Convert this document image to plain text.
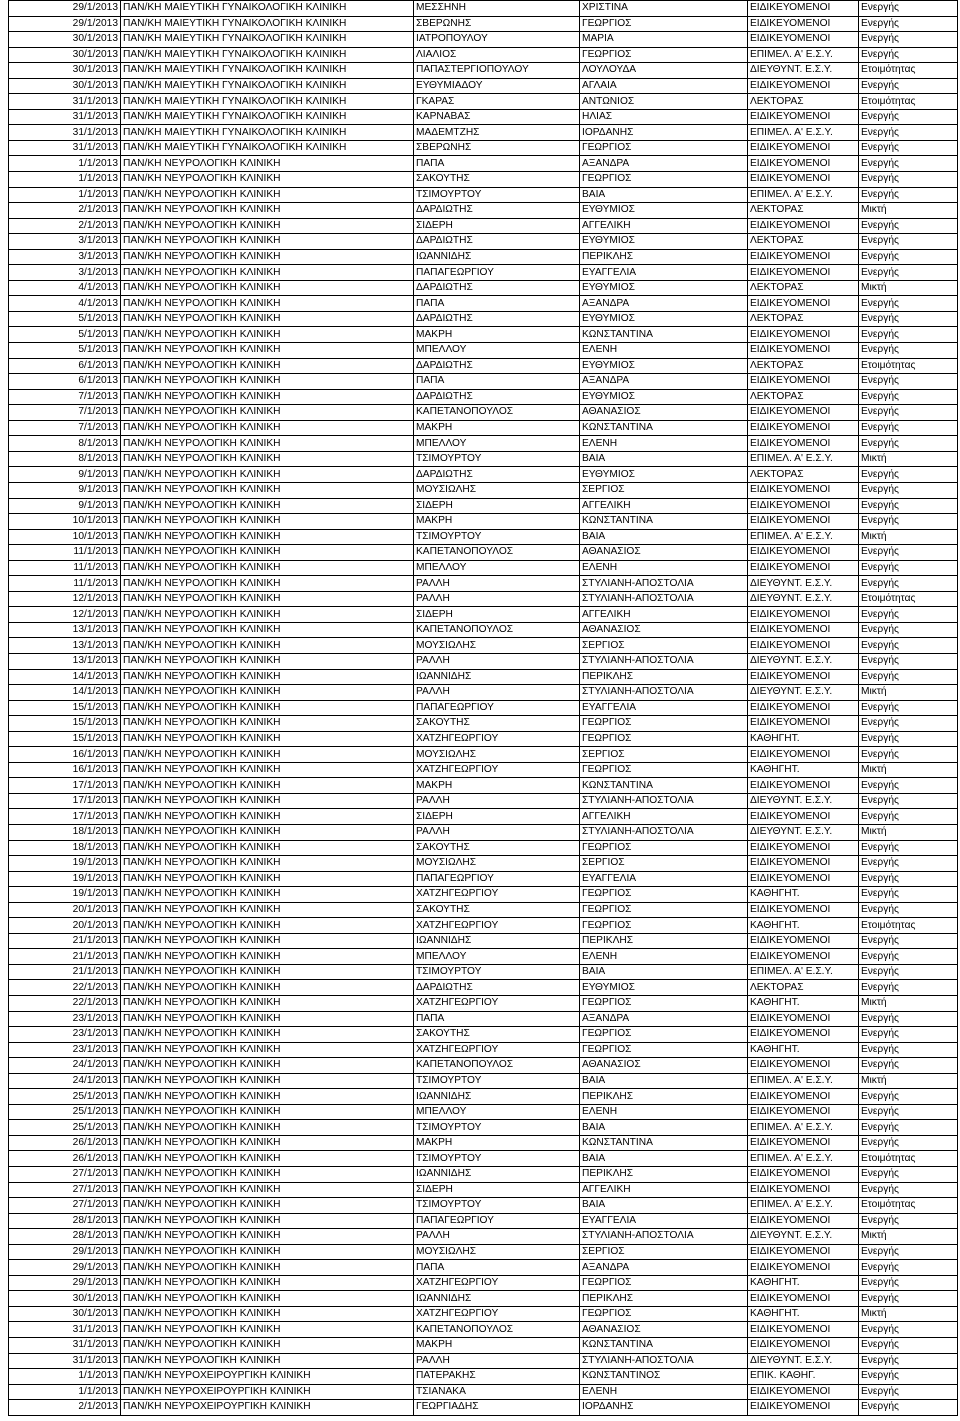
29/1/2013	ΠΑΝ/ΚΗ ΜΑΙΕΥΤΙΚΗ ΓΥΝΑΙΚΟΛΟΓΙΚΗ ΚΛΙΝΙΚΗ	ΜΕΣΣΗΝΗ	ΧΡΙΣΤΙΝΑ	ΕΙΔΙΚΕΥΟΜΕΝΟΙ	Ενεργής
29/1/2013	ΠΑΝ/ΚΗ ΜΑΙΕΥΤΙΚΗ ΓΥΝΑΙΚΟΛΟΓΙΚΗ ΚΛΙΝΙΚΗ	ΣΒΕΡΩΝΗΣ	ΓΕΩΡΓΙΟΣ	ΕΙΔΙΚΕΥΟΜΕΝΟΙ	Ενεργής
30/1/2013	ΠΑΝ/ΚΗ ΜΑΙΕΥΤΙΚΗ ΓΥΝΑΙΚΟΛΟΓΙΚΗ ΚΛΙΝΙΚΗ	ΙΑΤΡΟΠΟΥΛΟΥ	ΜΑΡΙΑ	ΕΙΔΙΚΕΥΟΜΕΝΟΙ	Ενεργής
30/1/2013	ΠΑΝ/ΚΗ ΜΑΙΕΥΤΙΚΗ ΓΥΝΑΙΚΟΛΟΓΙΚΗ ΚΛΙΝΙΚΗ	ΛΙΑΛΙΟΣ	ΓΕΩΡΓΙΟΣ	ΕΠΙΜΕΛ. Α' Ε.Σ.Υ.	Ενεργής
30/1/2013	ΠΑΝ/ΚΗ ΜΑΙΕΥΤΙΚΗ ΓΥΝΑΙΚΟΛΟΓΙΚΗ ΚΛΙΝΙΚΗ	ΠΑΠΑΣΤΕΡΓΙΟΠΟΥΛΟΥ	ΛΟΥΛΟΥΔΑ	ΔΙΕΥΘΥΝΤ. Ε.Σ.Υ.	Ετοιμότητας
30/1/2013	ΠΑΝ/ΚΗ ΜΑΙΕΥΤΙΚΗ ΓΥΝΑΙΚΟΛΟΓΙΚΗ ΚΛΙΝΙΚΗ	ΕΥΘΥΜΙΑΔΟΥ	ΑΓΛΑΙΑ	ΕΙΔΙΚΕΥΟΜΕΝΟΙ	Ενεργής
31/1/2013	ΠΑΝ/ΚΗ ΜΑΙΕΥΤΙΚΗ ΓΥΝΑΙΚΟΛΟΓΙΚΗ ΚΛΙΝΙΚΗ	ΓΚΑΡΑΣ	ΑΝΤΩΝΙΟΣ	ΛΕΚΤΟΡΑΣ	Ετοιμότητας
31/1/2013	ΠΑΝ/ΚΗ ΜΑΙΕΥΤΙΚΗ ΓΥΝΑΙΚΟΛΟΓΙΚΗ ΚΛΙΝΙΚΗ	ΚΑΡΝΑΒΑΣ	ΗΛΙΑΣ	ΕΙΔΙΚΕΥΟΜΕΝΟΙ	Ενεργής
31/1/2013	ΠΑΝ/ΚΗ ΜΑΙΕΥΤΙΚΗ ΓΥΝΑΙΚΟΛΟΓΙΚΗ ΚΛΙΝΙΚΗ	ΜΑΔΕΜΤΖΗΣ	ΙΟΡΔΑΝΗΣ	ΕΠΙΜΕΛ. Α' Ε.Σ.Υ.	Ενεργής
31/1/2013	ΠΑΝ/ΚΗ ΜΑΙΕΥΤΙΚΗ ΓΥΝΑΙΚΟΛΟΓΙΚΗ ΚΛΙΝΙΚΗ	ΣΒΕΡΩΝΗΣ	ΓΕΩΡΓΙΟΣ	ΕΙΔΙΚΕΥΟΜΕΝΟΙ	Ενεργής
1/1/2013	ΠΑΝ/ΚΗ ΝΕΥΡΟΛΟΓΙΚΗ ΚΛΙΝΙΚΗ	ΠΑΠΑ	ΑΞΑΝΔΡΑ	ΕΙΔΙΚΕΥΟΜΕΝΟΙ	Ενεργής
1/1/2013	ΠΑΝ/ΚΗ ΝΕΥΡΟΛΟΓΙΚΗ ΚΛΙΝΙΚΗ	ΣΑΚΟΥΤΗΣ	ΓΕΩΡΓΙΟΣ	ΕΙΔΙΚΕΥΟΜΕΝΟΙ	Ενεργής
1/1/2013	ΠΑΝ/ΚΗ ΝΕΥΡΟΛΟΓΙΚΗ ΚΛΙΝΙΚΗ	ΤΣΙΜΟΥΡΤΟΥ	ΒΑΙΑ	ΕΠΙΜΕΛ. Α' Ε.Σ.Υ.	Ενεργής
2/1/2013	ΠΑΝ/ΚΗ ΝΕΥΡΟΛΟΓΙΚΗ ΚΛΙΝΙΚΗ	ΔΑΡΔΙΩΤΗΣ	ΕΥΘΥΜΙΟΣ	ΛΕΚΤΟΡΑΣ	Μικτή
2/1/2013	ΠΑΝ/ΚΗ ΝΕΥΡΟΛΟΓΙΚΗ ΚΛΙΝΙΚΗ	ΣΙΔΕΡΗ	ΑΓΓΕΛΙΚΗ	ΕΙΔΙΚΕΥΟΜΕΝΟΙ	Ενεργής
3/1/2013	ΠΑΝ/ΚΗ ΝΕΥΡΟΛΟΓΙΚΗ ΚΛΙΝΙΚΗ	ΔΑΡΔΙΩΤΗΣ	ΕΥΘΥΜΙΟΣ	ΛΕΚΤΟΡΑΣ	Ενεργής
3/1/2013	ΠΑΝ/ΚΗ ΝΕΥΡΟΛΟΓΙΚΗ ΚΛΙΝΙΚΗ	ΙΩΑΝΝΙΔΗΣ	ΠΕΡΙΚΛΗΣ	ΕΙΔΙΚΕΥΟΜΕΝΟΙ	Ενεργής
3/1/2013	ΠΑΝ/ΚΗ ΝΕΥΡΟΛΟΓΙΚΗ ΚΛΙΝΙΚΗ	ΠΑΠΑΓΕΩΡΓΙΟΥ	ΕΥΑΓΓΕΛΙΑ	ΕΙΔΙΚΕΥΟΜΕΝΟΙ	Ενεργής
4/1/2013	ΠΑΝ/ΚΗ ΝΕΥΡΟΛΟΓΙΚΗ ΚΛΙΝΙΚΗ	ΔΑΡΔΙΩΤΗΣ	ΕΥΘΥΜΙΟΣ	ΛΕΚΤΟΡΑΣ	Μικτή
4/1/2013	ΠΑΝ/ΚΗ ΝΕΥΡΟΛΟΓΙΚΗ ΚΛΙΝΙΚΗ	ΠΑΠΑ	ΑΞΑΝΔΡΑ	ΕΙΔΙΚΕΥΟΜΕΝΟΙ	Ενεργής
5/1/2013	ΠΑΝ/ΚΗ ΝΕΥΡΟΛΟΓΙΚΗ ΚΛΙΝΙΚΗ	ΔΑΡΔΙΩΤΗΣ	ΕΥΘΥΜΙΟΣ	ΛΕΚΤΟΡΑΣ	Ενεργής
5/1/2013	ΠΑΝ/ΚΗ ΝΕΥΡΟΛΟΓΙΚΗ ΚΛΙΝΙΚΗ	ΜΑΚΡΗ	ΚΩΝΣΤΑΝΤΙΝΑ	ΕΙΔΙΚΕΥΟΜΕΝΟΙ	Ενεργής
5/1/2013	ΠΑΝ/ΚΗ ΝΕΥΡΟΛΟΓΙΚΗ ΚΛΙΝΙΚΗ	ΜΠΕΛΛΟΥ	ΕΛΕΝΗ	ΕΙΔΙΚΕΥΟΜΕΝΟΙ	Ενεργής
6/1/2013	ΠΑΝ/ΚΗ ΝΕΥΡΟΛΟΓΙΚΗ ΚΛΙΝΙΚΗ	ΔΑΡΔΙΩΤΗΣ	ΕΥΘΥΜΙΟΣ	ΛΕΚΤΟΡΑΣ	Ετοιμότητας
6/1/2013	ΠΑΝ/ΚΗ ΝΕΥΡΟΛΟΓΙΚΗ ΚΛΙΝΙΚΗ	ΠΑΠΑ	ΑΞΑΝΔΡΑ	ΕΙΔΙΚΕΥΟΜΕΝΟΙ	Ενεργής
7/1/2013	ΠΑΝ/ΚΗ ΝΕΥΡΟΛΟΓΙΚΗ ΚΛΙΝΙΚΗ	ΔΑΡΔΙΩΤΗΣ	ΕΥΘΥΜΙΟΣ	ΛΕΚΤΟΡΑΣ	Ενεργής
7/1/2013	ΠΑΝ/ΚΗ ΝΕΥΡΟΛΟΓΙΚΗ ΚΛΙΝΙΚΗ	ΚΑΠΕΤΑΝΟΠΟΥΛΟΣ	ΑΘΑΝΑΣΙΟΣ	ΕΙΔΙΚΕΥΟΜΕΝΟΙ	Ενεργής
7/1/2013	ΠΑΝ/ΚΗ ΝΕΥΡΟΛΟΓΙΚΗ ΚΛΙΝΙΚΗ	ΜΑΚΡΗ	ΚΩΝΣΤΑΝΤΙΝΑ	ΕΙΔΙΚΕΥΟΜΕΝΟΙ	Ενεργής
8/1/2013	ΠΑΝ/ΚΗ ΝΕΥΡΟΛΟΓΙΚΗ ΚΛΙΝΙΚΗ	ΜΠΕΛΛΟΥ	ΕΛΕΝΗ	ΕΙΔΙΚΕΥΟΜΕΝΟΙ	Ενεργής
8/1/2013	ΠΑΝ/ΚΗ ΝΕΥΡΟΛΟΓΙΚΗ ΚΛΙΝΙΚΗ	ΤΣΙΜΟΥΡΤΟΥ	ΒΑΙΑ	ΕΠΙΜΕΛ. Α' Ε.Σ.Υ.	Μικτή
9/1/2013	ΠΑΝ/ΚΗ ΝΕΥΡΟΛΟΓΙΚΗ ΚΛΙΝΙΚΗ	ΔΑΡΔΙΩΤΗΣ	ΕΥΘΥΜΙΟΣ	ΛΕΚΤΟΡΑΣ	Ενεργής
9/1/2013	ΠΑΝ/ΚΗ ΝΕΥΡΟΛΟΓΙΚΗ ΚΛΙΝΙΚΗ	ΜΟΥΣΙΩΛΗΣ	ΣΕΡΓΙΟΣ	ΕΙΔΙΚΕΥΟΜΕΝΟΙ	Ενεργής
9/1/2013	ΠΑΝ/ΚΗ ΝΕΥΡΟΛΟΓΙΚΗ ΚΛΙΝΙΚΗ	ΣΙΔΕΡΗ	ΑΓΓΕΛΙΚΗ	ΕΙΔΙΚΕΥΟΜΕΝΟΙ	Ενεργής
10/1/2013	ΠΑΝ/ΚΗ ΝΕΥΡΟΛΟΓΙΚΗ ΚΛΙΝΙΚΗ	ΜΑΚΡΗ	ΚΩΝΣΤΑΝΤΙΝΑ	ΕΙΔΙΚΕΥΟΜΕΝΟΙ	Ενεργής
10/1/2013	ΠΑΝ/ΚΗ ΝΕΥΡΟΛΟΓΙΚΗ ΚΛΙΝΙΚΗ	ΤΣΙΜΟΥΡΤΟΥ	ΒΑΙΑ	ΕΠΙΜΕΛ. Α' Ε.Σ.Υ.	Μικτή
11/1/2013	ΠΑΝ/ΚΗ ΝΕΥΡΟΛΟΓΙΚΗ ΚΛΙΝΙΚΗ	ΚΑΠΕΤΑΝΟΠΟΥΛΟΣ	ΑΘΑΝΑΣΙΟΣ	ΕΙΔΙΚΕΥΟΜΕΝΟΙ	Ενεργής
11/1/2013	ΠΑΝ/ΚΗ ΝΕΥΡΟΛΟΓΙΚΗ ΚΛΙΝΙΚΗ	ΜΠΕΛΛΟΥ	ΕΛΕΝΗ	ΕΙΔΙΚΕΥΟΜΕΝΟΙ	Ενεργής
11/1/2013	ΠΑΝ/ΚΗ ΝΕΥΡΟΛΟΓΙΚΗ ΚΛΙΝΙΚΗ	ΡΑΛΛΗ	ΣΤΥΛΙΑΝΗ-ΑΠΟΣΤΟΛΙΑ	ΔΙΕΥΘΥΝΤ. Ε.Σ.Υ.	Ενεργής
12/1/2013	ΠΑΝ/ΚΗ ΝΕΥΡΟΛΟΓΙΚΗ ΚΛΙΝΙΚΗ	ΡΑΛΛΗ	ΣΤΥΛΙΑΝΗ-ΑΠΟΣΤΟΛΙΑ	ΔΙΕΥΘΥΝΤ. Ε.Σ.Υ.	Ετοιμότητας
12/1/2013	ΠΑΝ/ΚΗ ΝΕΥΡΟΛΟΓΙΚΗ ΚΛΙΝΙΚΗ	ΣΙΔΕΡΗ	ΑΓΓΕΛΙΚΗ	ΕΙΔΙΚΕΥΟΜΕΝΟΙ	Ενεργής
13/1/2013	ΠΑΝ/ΚΗ ΝΕΥΡΟΛΟΓΙΚΗ ΚΛΙΝΙΚΗ	ΚΑΠΕΤΑΝΟΠΟΥΛΟΣ	ΑΘΑΝΑΣΙΟΣ	ΕΙΔΙΚΕΥΟΜΕΝΟΙ	Ενεργής
13/1/2013	ΠΑΝ/ΚΗ ΝΕΥΡΟΛΟΓΙΚΗ ΚΛΙΝΙΚΗ	ΜΟΥΣΙΩΛΗΣ	ΣΕΡΓΙΟΣ	ΕΙΔΙΚΕΥΟΜΕΝΟΙ	Ενεργής
13/1/2013	ΠΑΝ/ΚΗ ΝΕΥΡΟΛΟΓΙΚΗ ΚΛΙΝΙΚΗ	ΡΑΛΛΗ	ΣΤΥΛΙΑΝΗ-ΑΠΟΣΤΟΛΙΑ	ΔΙΕΥΘΥΝΤ. Ε.Σ.Υ.	Ενεργής
14/1/2013	ΠΑΝ/ΚΗ ΝΕΥΡΟΛΟΓΙΚΗ ΚΛΙΝΙΚΗ	ΙΩΑΝΝΙΔΗΣ	ΠΕΡΙΚΛΗΣ	ΕΙΔΙΚΕΥΟΜΕΝΟΙ	Ενεργής
14/1/2013	ΠΑΝ/ΚΗ ΝΕΥΡΟΛΟΓΙΚΗ ΚΛΙΝΙΚΗ	ΡΑΛΛΗ	ΣΤΥΛΙΑΝΗ-ΑΠΟΣΤΟΛΙΑ	ΔΙΕΥΘΥΝΤ. Ε.Σ.Υ.	Μικτή
15/1/2013	ΠΑΝ/ΚΗ ΝΕΥΡΟΛΟΓΙΚΗ ΚΛΙΝΙΚΗ	ΠΑΠΑΓΕΩΡΓΙΟΥ	ΕΥΑΓΓΕΛΙΑ	ΕΙΔΙΚΕΥΟΜΕΝΟΙ	Ενεργής
15/1/2013	ΠΑΝ/ΚΗ ΝΕΥΡΟΛΟΓΙΚΗ ΚΛΙΝΙΚΗ	ΣΑΚΟΥΤΗΣ	ΓΕΩΡΓΙΟΣ	ΕΙΔΙΚΕΥΟΜΕΝΟΙ	Ενεργής
15/1/2013	ΠΑΝ/ΚΗ ΝΕΥΡΟΛΟΓΙΚΗ ΚΛΙΝΙΚΗ	ΧΑΤΖΗΓΕΩΡΓΙΟΥ	ΓΕΩΡΓΙΟΣ	ΚΑΘΗΓΗΤ.	Ενεργής
16/1/2013	ΠΑΝ/ΚΗ ΝΕΥΡΟΛΟΓΙΚΗ ΚΛΙΝΙΚΗ	ΜΟΥΣΙΩΛΗΣ	ΣΕΡΓΙΟΣ	ΕΙΔΙΚΕΥΟΜΕΝΟΙ	Ενεργής
16/1/2013	ΠΑΝ/ΚΗ ΝΕΥΡΟΛΟΓΙΚΗ ΚΛΙΝΙΚΗ	ΧΑΤΖΗΓΕΩΡΓΙΟΥ	ΓΕΩΡΓΙΟΣ	ΚΑΘΗΓΗΤ.	Μικτή
17/1/2013	ΠΑΝ/ΚΗ ΝΕΥΡΟΛΟΓΙΚΗ ΚΛΙΝΙΚΗ	ΜΑΚΡΗ	ΚΩΝΣΤΑΝΤΙΝΑ	ΕΙΔΙΚΕΥΟΜΕΝΟΙ	Ενεργής
17/1/2013	ΠΑΝ/ΚΗ ΝΕΥΡΟΛΟΓΙΚΗ ΚΛΙΝΙΚΗ	ΡΑΛΛΗ	ΣΤΥΛΙΑΝΗ-ΑΠΟΣΤΟΛΙΑ	ΔΙΕΥΘΥΝΤ. Ε.Σ.Υ.	Ενεργής
17/1/2013	ΠΑΝ/ΚΗ ΝΕΥΡΟΛΟΓΙΚΗ ΚΛΙΝΙΚΗ	ΣΙΔΕΡΗ	ΑΓΓΕΛΙΚΗ	ΕΙΔΙΚΕΥΟΜΕΝΟΙ	Ενεργής
18/1/2013	ΠΑΝ/ΚΗ ΝΕΥΡΟΛΟΓΙΚΗ ΚΛΙΝΙΚΗ	ΡΑΛΛΗ	ΣΤΥΛΙΑΝΗ-ΑΠΟΣΤΟΛΙΑ	ΔΙΕΥΘΥΝΤ. Ε.Σ.Υ.	Μικτή
18/1/2013	ΠΑΝ/ΚΗ ΝΕΥΡΟΛΟΓΙΚΗ ΚΛΙΝΙΚΗ	ΣΑΚΟΥΤΗΣ	ΓΕΩΡΓΙΟΣ	ΕΙΔΙΚΕΥΟΜΕΝΟΙ	Ενεργής
19/1/2013	ΠΑΝ/ΚΗ ΝΕΥΡΟΛΟΓΙΚΗ ΚΛΙΝΙΚΗ	ΜΟΥΣΙΩΛΗΣ	ΣΕΡΓΙΟΣ	ΕΙΔΙΚΕΥΟΜΕΝΟΙ	Ενεργής
19/1/2013	ΠΑΝ/ΚΗ ΝΕΥΡΟΛΟΓΙΚΗ ΚΛΙΝΙΚΗ	ΠΑΠΑΓΕΩΡΓΙΟΥ	ΕΥΑΓΓΕΛΙΑ	ΕΙΔΙΚΕΥΟΜΕΝΟΙ	Ενεργής
19/1/2013	ΠΑΝ/ΚΗ ΝΕΥΡΟΛΟΓΙΚΗ ΚΛΙΝΙΚΗ	ΧΑΤΖΗΓΕΩΡΓΙΟΥ	ΓΕΩΡΓΙΟΣ	ΚΑΘΗΓΗΤ.	Ενεργής
20/1/2013	ΠΑΝ/ΚΗ ΝΕΥΡΟΛΟΓΙΚΗ ΚΛΙΝΙΚΗ	ΣΑΚΟΥΤΗΣ	ΓΕΩΡΓΙΟΣ	ΕΙΔΙΚΕΥΟΜΕΝΟΙ	Ενεργής
20/1/2013	ΠΑΝ/ΚΗ ΝΕΥΡΟΛΟΓΙΚΗ ΚΛΙΝΙΚΗ	ΧΑΤΖΗΓΕΩΡΓΙΟΥ	ΓΕΩΡΓΙΟΣ	ΚΑΘΗΓΗΤ.	Ετοιμότητας
21/1/2013	ΠΑΝ/ΚΗ ΝΕΥΡΟΛΟΓΙΚΗ ΚΛΙΝΙΚΗ	ΙΩΑΝΝΙΔΗΣ	ΠΕΡΙΚΛΗΣ	ΕΙΔΙΚΕΥΟΜΕΝΟΙ	Ενεργής
21/1/2013	ΠΑΝ/ΚΗ ΝΕΥΡΟΛΟΓΙΚΗ ΚΛΙΝΙΚΗ	ΜΠΕΛΛΟΥ	ΕΛΕΝΗ	ΕΙΔΙΚΕΥΟΜΕΝΟΙ	Ενεργής
21/1/2013	ΠΑΝ/ΚΗ ΝΕΥΡΟΛΟΓΙΚΗ ΚΛΙΝΙΚΗ	ΤΣΙΜΟΥΡΤΟΥ	ΒΑΙΑ	ΕΠΙΜΕΛ. Α' Ε.Σ.Υ.	Ενεργής
22/1/2013	ΠΑΝ/ΚΗ ΝΕΥΡΟΛΟΓΙΚΗ ΚΛΙΝΙΚΗ	ΔΑΡΔΙΩΤΗΣ	ΕΥΘΥΜΙΟΣ	ΛΕΚΤΟΡΑΣ	Ενεργής
22/1/2013	ΠΑΝ/ΚΗ ΝΕΥΡΟΛΟΓΙΚΗ ΚΛΙΝΙΚΗ	ΧΑΤΖΗΓΕΩΡΓΙΟΥ	ΓΕΩΡΓΙΟΣ	ΚΑΘΗΓΗΤ.	Μικτή
23/1/2013	ΠΑΝ/ΚΗ ΝΕΥΡΟΛΟΓΙΚΗ ΚΛΙΝΙΚΗ	ΠΑΠΑ	ΑΞΑΝΔΡΑ	ΕΙΔΙΚΕΥΟΜΕΝΟΙ	Ενεργής
23/1/2013	ΠΑΝ/ΚΗ ΝΕΥΡΟΛΟΓΙΚΗ ΚΛΙΝΙΚΗ	ΣΑΚΟΥΤΗΣ	ΓΕΩΡΓΙΟΣ	ΕΙΔΙΚΕΥΟΜΕΝΟΙ	Ενεργής
23/1/2013	ΠΑΝ/ΚΗ ΝΕΥΡΟΛΟΓΙΚΗ ΚΛΙΝΙΚΗ	ΧΑΤΖΗΓΕΩΡΓΙΟΥ	ΓΕΩΡΓΙΟΣ	ΚΑΘΗΓΗΤ.	Ενεργής
24/1/2013	ΠΑΝ/ΚΗ ΝΕΥΡΟΛΟΓΙΚΗ ΚΛΙΝΙΚΗ	ΚΑΠΕΤΑΝΟΠΟΥΛΟΣ	ΑΘΑΝΑΣΙΟΣ	ΕΙΔΙΚΕΥΟΜΕΝΟΙ	Ενεργής
24/1/2013	ΠΑΝ/ΚΗ ΝΕΥΡΟΛΟΓΙΚΗ ΚΛΙΝΙΚΗ	ΤΣΙΜΟΥΡΤΟΥ	ΒΑΙΑ	ΕΠΙΜΕΛ. Α' Ε.Σ.Υ.	Μικτή
25/1/2013	ΠΑΝ/ΚΗ ΝΕΥΡΟΛΟΓΙΚΗ ΚΛΙΝΙΚΗ	ΙΩΑΝΝΙΔΗΣ	ΠΕΡΙΚΛΗΣ	ΕΙΔΙΚΕΥΟΜΕΝΟΙ	Ενεργής
25/1/2013	ΠΑΝ/ΚΗ ΝΕΥΡΟΛΟΓΙΚΗ ΚΛΙΝΙΚΗ	ΜΠΕΛΛΟΥ	ΕΛΕΝΗ	ΕΙΔΙΚΕΥΟΜΕΝΟΙ	Ενεργής
25/1/2013	ΠΑΝ/ΚΗ ΝΕΥΡΟΛΟΓΙΚΗ ΚΛΙΝΙΚΗ	ΤΣΙΜΟΥΡΤΟΥ	ΒΑΙΑ	ΕΠΙΜΕΛ. Α' Ε.Σ.Υ.	Ενεργής
26/1/2013	ΠΑΝ/ΚΗ ΝΕΥΡΟΛΟΓΙΚΗ ΚΛΙΝΙΚΗ	ΜΑΚΡΗ	ΚΩΝΣΤΑΝΤΙΝΑ	ΕΙΔΙΚΕΥΟΜΕΝΟΙ	Ενεργής
26/1/2013	ΠΑΝ/ΚΗ ΝΕΥΡΟΛΟΓΙΚΗ ΚΛΙΝΙΚΗ	ΤΣΙΜΟΥΡΤΟΥ	ΒΑΙΑ	ΕΠΙΜΕΛ. Α' Ε.Σ.Υ.	Ετοιμότητας
27/1/2013	ΠΑΝ/ΚΗ ΝΕΥΡΟΛΟΓΙΚΗ ΚΛΙΝΙΚΗ	ΙΩΑΝΝΙΔΗΣ	ΠΕΡΙΚΛΗΣ	ΕΙΔΙΚΕΥΟΜΕΝΟΙ	Ενεργής
27/1/2013	ΠΑΝ/ΚΗ ΝΕΥΡΟΛΟΓΙΚΗ ΚΛΙΝΙΚΗ	ΣΙΔΕΡΗ	ΑΓΓΕΛΙΚΗ	ΕΙΔΙΚΕΥΟΜΕΝΟΙ	Ενεργής
27/1/2013	ΠΑΝ/ΚΗ ΝΕΥΡΟΛΟΓΙΚΗ ΚΛΙΝΙΚΗ	ΤΣΙΜΟΥΡΤΟΥ	ΒΑΙΑ	ΕΠΙΜΕΛ. Α' Ε.Σ.Υ.	Ετοιμότητας
28/1/2013	ΠΑΝ/ΚΗ ΝΕΥΡΟΛΟΓΙΚΗ ΚΛΙΝΙΚΗ	ΠΑΠΑΓΕΩΡΓΙΟΥ	ΕΥΑΓΓΕΛΙΑ	ΕΙΔΙΚΕΥΟΜΕΝΟΙ	Ενεργής
28/1/2013	ΠΑΝ/ΚΗ ΝΕΥΡΟΛΟΓΙΚΗ ΚΛΙΝΙΚΗ	ΡΑΛΛΗ	ΣΤΥΛΙΑΝΗ-ΑΠΟΣΤΟΛΙΑ	ΔΙΕΥΘΥΝΤ. Ε.Σ.Υ.	Μικτή
29/1/2013	ΠΑΝ/ΚΗ ΝΕΥΡΟΛΟΓΙΚΗ ΚΛΙΝΙΚΗ	ΜΟΥΣΙΩΛΗΣ	ΣΕΡΓΙΟΣ	ΕΙΔΙΚΕΥΟΜΕΝΟΙ	Ενεργής
29/1/2013	ΠΑΝ/ΚΗ ΝΕΥΡΟΛΟΓΙΚΗ ΚΛΙΝΙΚΗ	ΠΑΠΑ	ΑΞΑΝΔΡΑ	ΕΙΔΙΚΕΥΟΜΕΝΟΙ	Ενεργής
29/1/2013	ΠΑΝ/ΚΗ ΝΕΥΡΟΛΟΓΙΚΗ ΚΛΙΝΙΚΗ	ΧΑΤΖΗΓΕΩΡΓΙΟΥ	ΓΕΩΡΓΙΟΣ	ΚΑΘΗΓΗΤ.	Ενεργής
30/1/2013	ΠΑΝ/ΚΗ ΝΕΥΡΟΛΟΓΙΚΗ ΚΛΙΝΙΚΗ	ΙΩΑΝΝΙΔΗΣ	ΠΕΡΙΚΛΗΣ	ΕΙΔΙΚΕΥΟΜΕΝΟΙ	Ενεργής
30/1/2013	ΠΑΝ/ΚΗ ΝΕΥΡΟΛΟΓΙΚΗ ΚΛΙΝΙΚΗ	ΧΑΤΖΗΓΕΩΡΓΙΟΥ	ΓΕΩΡΓΙΟΣ	ΚΑΘΗΓΗΤ.	Μικτή
31/1/2013	ΠΑΝ/ΚΗ ΝΕΥΡΟΛΟΓΙΚΗ ΚΛΙΝΙΚΗ	ΚΑΠΕΤΑΝΟΠΟΥΛΟΣ	ΑΘΑΝΑΣΙΟΣ	ΕΙΔΙΚΕΥΟΜΕΝΟΙ	Ενεργής
31/1/2013	ΠΑΝ/ΚΗ ΝΕΥΡΟΛΟΓΙΚΗ ΚΛΙΝΙΚΗ	ΜΑΚΡΗ	ΚΩΝΣΤΑΝΤΙΝΑ	ΕΙΔΙΚΕΥΟΜΕΝΟΙ	Ενεργής
31/1/2013	ΠΑΝ/ΚΗ ΝΕΥΡΟΛΟΓΙΚΗ ΚΛΙΝΙΚΗ	ΡΑΛΛΗ	ΣΤΥΛΙΑΝΗ-ΑΠΟΣΤΟΛΙΑ	ΔΙΕΥΘΥΝΤ. Ε.Σ.Υ.	Ενεργής
1/1/2013	ΠΑΝ/ΚΗ ΝΕΥΡΟΧΕΙΡΟΥΡΓΙΚΗ ΚΛΙΝΙΚΗ	ΠΑΤΕΡΑΚΗΣ	ΚΩΝΣΤΑΝΤΙΝΟΣ	ΕΠΙΚ. ΚΑΘΗΓ.	Ενεργής
1/1/2013	ΠΑΝ/ΚΗ ΝΕΥΡΟΧΕΙΡΟΥΡΓΙΚΗ ΚΛΙΝΙΚΗ	ΤΣΙΑΝΑΚΑ	ΕΛΕΝΗ	ΕΙΔΙΚΕΥΟΜΕΝΟΙ	Ενεργής
2/1/2013	ΠΑΝ/ΚΗ ΝΕΥΡΟΧΕΙΡΟΥΡΓΙΚΗ ΚΛΙΝΙΚΗ	ΓΕΩΡΓΙΑΔΗΣ	ΙΟΡΔΑΝΗΣ	ΕΙΔΙΚΕΥΟΜΕΝΟΙ	Ενεργής
